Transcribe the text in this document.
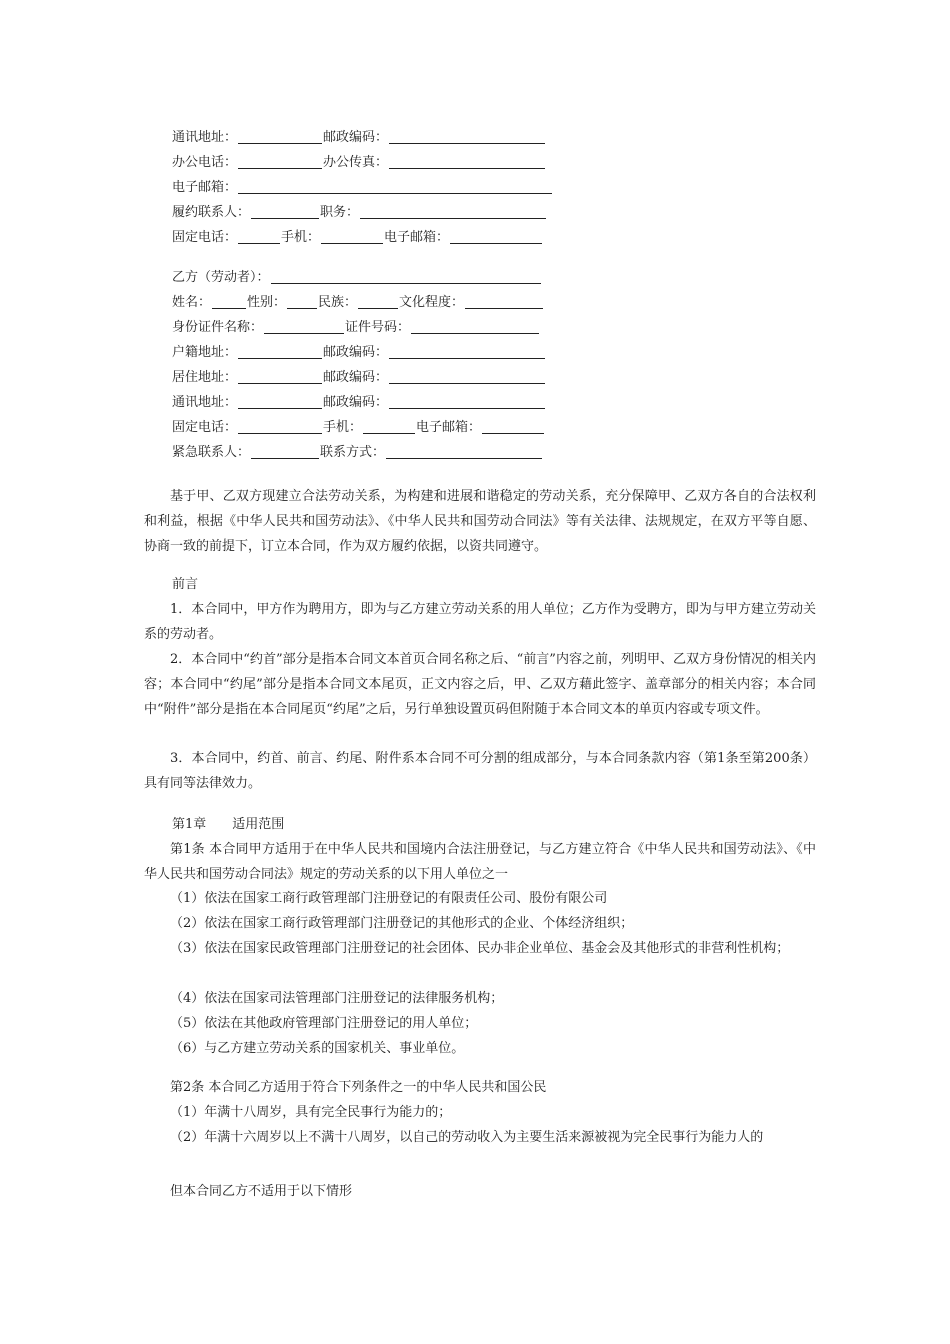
通讯地址：	邮政编码：
办公电话：	办公传真：
电子邮箱：
履约联系人：	职务：
固定电话：	手机：	电子邮箱：
乙方（劳动者）：
姓名：	性别： 民族：	文化程度：
身份证件名称：	证件号码：
户籍地址：	邮政编码：
居住地址：	邮政编码：
通讯地址：	邮政编码：
固定电话：	手机：	电子邮箱：
紧急联系人：	联系方式：
基于甲、乙双方现建立合法劳动关系，为构建和进展和谐稳定的劳动关系，充分保障甲、乙双方各自的合法权利和利益，根据《中华人民共和国劳动法》、《中华人民共和国劳动合同法》等有关法律、法规规定，在双方平等自愿、协商一致的前提下，订立本合同，作为双方履约依据，以资共同遵守。
前言
1．本合同中，甲方作为聘用方，即为与乙方建立劳动关系的用人单位；乙方作为受聘方，即为与甲方建立劳动关系的劳动者。
2．本合同中“约首”部分是指本合同文本首页合同名称之后、“前言”内容之前，列明甲、乙双方身份情况的相关内容；本合同中“约尾”部分是指本合同文本尾页，正文内容之后，甲、乙双方藉此签字、盖章部分的相关内容；本合同中“附件”部分是指在本合同尾页“约尾”之后，另行单独设置页码但附随于本合同文本的单页内容或专项文件。
3．本合同中，约首、前言、约尾、附件系本合同不可分割的组成部分，与本合同条款内容（第1条至第200条）具有同等法律效力。
第1章　　适用范围
第1条 本合同甲方适用于在中华人民共和国境内合法注册登记，与乙方建立符合《中华人民共和国劳动法》、《中华人民共和国劳动合同法》规定的劳动关系的以下用人单位之一
（1）依法在国家工商行政管理部门注册登记的有限责任公司、股份有限公司
（2）依法在国家工商行政管理部门注册登记的其他形式的企业、个体经济组织；
（3）依法在国家民政管理部门注册登记的社会团体、民办非企业单位、基金会及其他形式的非营利性机构；
（4）依法在国家司法管理部门注册登记的法律服务机构；
（5）依法在其他政府管理部门注册登记的用人单位；
（6）与乙方建立劳动关系的国家机关、事业单位。
第2条 本合同乙方适用于符合下列条件之一的中华人民共和国公民
（1）年满十八周岁，具有完全民事行为能力的；
（2）年满十六周岁以上不满十八周岁，以自己的劳动收入为主要生活来源被视为完全民事行为能力人的
但本合同乙方不适用于以下情形
